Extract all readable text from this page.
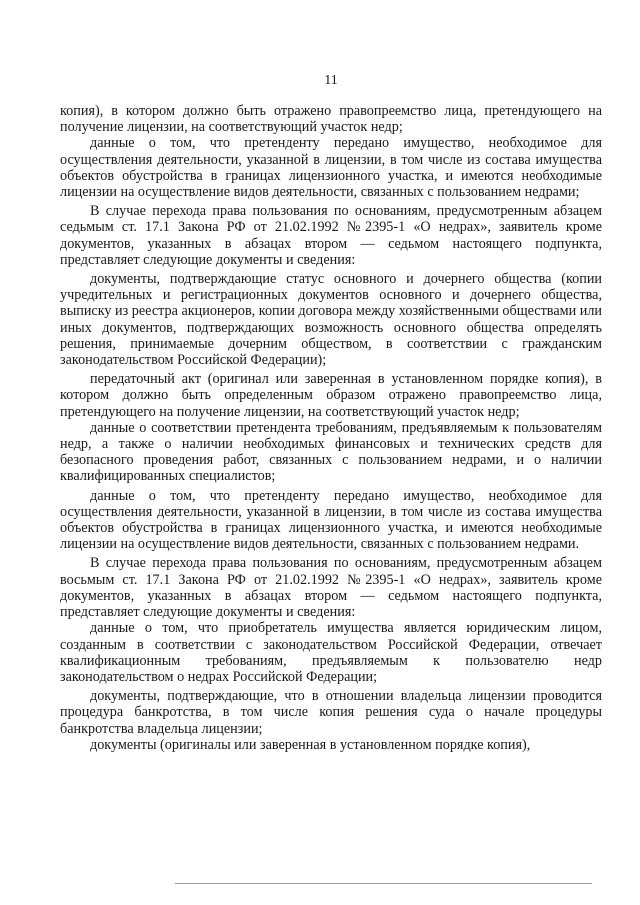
11

копия), в котором должно быть отражено правопреемство лица, претендующего на получение лицензии, на соответствующий участок недр;

данные о том, что претенденту передано имущество, необходимое для осуществления деятельности, указанной в лицензии, в том числе из состава имущества объектов обустройства в границах лицензионного участка, и имеются необходимые лицензии на осуществление видов деятельности, связанных с пользованием недрами;

В случае перехода права пользования по основаниям, предусмотренным абзацем седьмым ст. 17.1 Закона РФ от 21.02.1992 №2395-1 «О недрах», заявитель кроме документов, указанных в абзацах втором — седьмом настоящего подпункта, представляет следующие документы и сведения:

документы, подтверждающие статус основного и дочернего общества (копии учредительных и регистрационных документов основного и дочернего общества, выписку из реестра акционеров, копии договора между хозяйственными обществами или иных документов, подтверждающих возможность основного общества определять решения, принимаемые дочерним обществом, в соответствии с гражданским законодательством Российской Федерации);

передаточный акт (оригинал или заверенная в установленном порядке копия), в котором должно быть определенным образом отражено правопреемство лица, претендующего на получение лицензии, на соответствующий участок недр;

данные о соответствии претендента требованиям, предъявляемым к пользователям недр, а также о наличии необходимых финансовых и технических средств для безопасного проведения работ, связанных с пользованием недрами, и о наличии квалифицированных специалистов;

данные о том, что претенденту передано имущество, необходимое для осуществления деятельности, указанной в лицензии, в том числе из состава имущества объектов обустройства в границах лицензионного участка, и имеются необходимые лицензии на осуществление видов деятельности, связанных с пользованием недрами.

В случае перехода права пользования по основаниям, предусмотренным абзацем восьмым ст. 17.1 Закона РФ от 21.02.1992 №2395-1 «О недрах», заявитель кроме документов, указанных в абзацах втором — седьмом настоящего подпункта, представляет следующие документы и сведения:

данные о том, что приобретатель имущества является юридическим лицом, созданным в соответствии с законодательством Российской Федерации, отвечает квалификационным требованиям, предъявляемым к пользователю недр законодательством о недрах Российской Федерации;

документы, подтверждающие, что в отношении владельца лицензии проводится процедура банкротства, в том числе копия решения суда о начале процедуры банкротства владельца лицензии;

документы (оригиналы или заверенная в установленном порядке копия),
